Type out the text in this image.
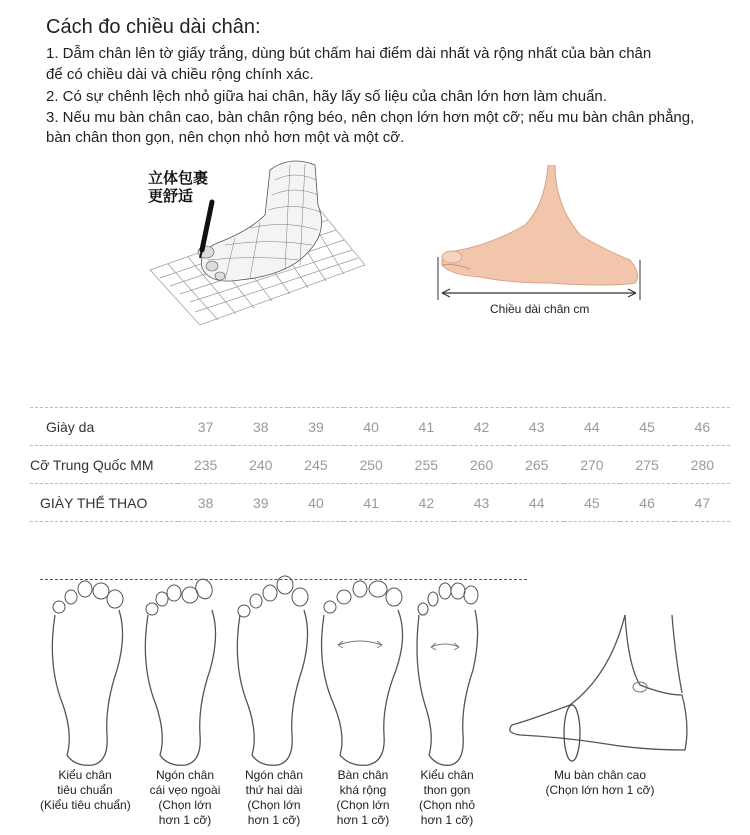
Cách đo chiều dài chân:
1. Dẫm chân lên tờ giấy trắng, dùng bút chấm hai điểm dài nhất và rộng nhất của bàn chân
để có chiều dài và chiều rộng chính xác.
2. Có sự chênh lệch nhỏ giữa hai chân, hãy lấy số liệu của chân lớn hơn làm chuẩn.
3. Nếu mu bàn chân cao, bàn chân rộng béo, nên chọn lớn hơn một cỡ; nếu mu bàn chân phẳng,
bàn chân thon gọn, nên chọn nhỏ hơn một và một cỡ.
立体包裹
更舒适
Chiều dài chân cm
Giày da	37	38	39	40	41	42	43	44	45	46
Cỡ Trung Quốc MM	235	240	245	250	255	260	265	270	275	280
GIÀY THỂ THAO	38	39	40	41	42	43	44	45	46	47
Kiểu chân
tiêu chuẩn
(Kiểu tiêu chuẩn)
Ngón chân
cái vẹo ngoài
(Chọn lớn
hơn 1 cỡ)
Ngón chân
thứ hai dài
(Chọn lớn
hơn 1 cỡ)
Bàn chân
khá rộng
(Chọn lớn
hơn 1 cỡ)
Kiểu chân
thon gọn
(Chọn nhỏ
hơn 1 cỡ)
Mu bàn chân cao
(Chọn lớn hơn 1 cỡ)
